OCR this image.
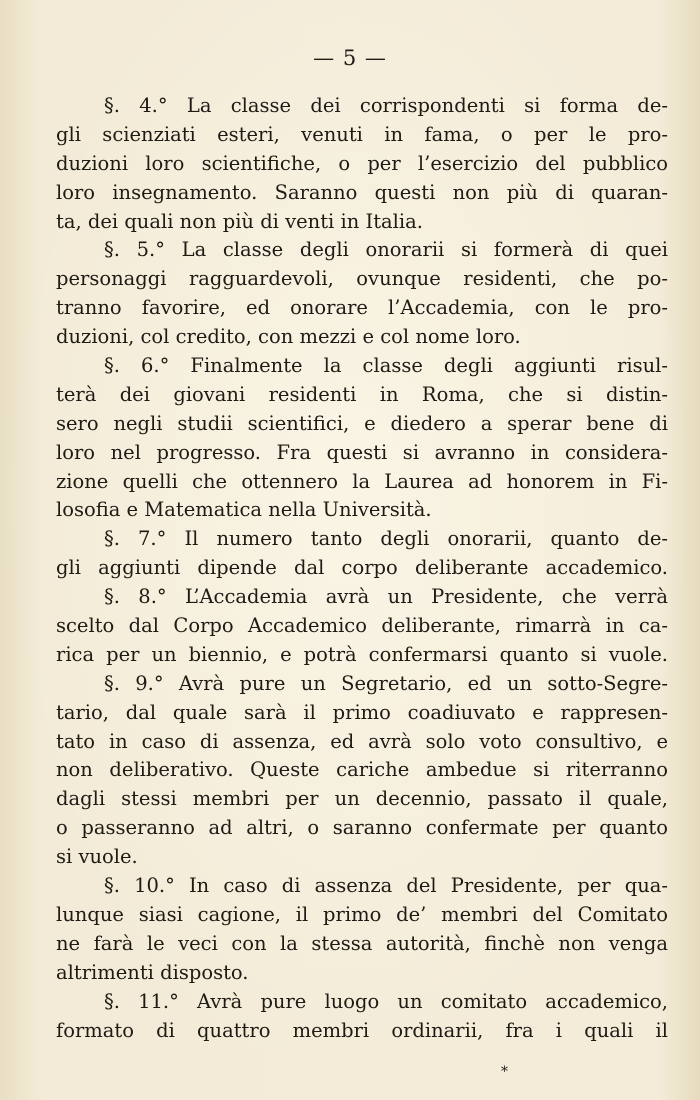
— 5 —
§. 4.° La classe dei corrispondenti si forma de-
gli scienziati esteri, venuti in fama, o per le pro-
duzioni loro scientifiche, o per l’esercizio del pubblico
loro insegnamento. Saranno questi non più di quaran-
ta, dei quali non più di venti in Italia.
§. 5.° La classe degli onorarii si formerà di quei
personaggi ragguardevoli, ovunque residenti, che po-
tranno favorire, ed onorare l’Accademia, con le pro-
duzioni, col credito, con mezzi e col nome loro.
§. 6.° Finalmente la classe degli aggiunti risul-
terà dei giovani residenti in Roma, che si distin-
sero negli studii scientifici, e diedero a sperar bene di
loro nel progresso. Fra questi si avranno in considera-
zione quelli che ottennero la Laurea ad honorem in Fi-
losofia e Matematica nella Università.
§. 7.° Il numero tanto degli onorarii, quanto de-
gli aggiunti dipende dal corpo deliberante accademico.
§. 8.° L’Accademia avrà un Presidente, che verrà
scelto dal Corpo Accademico deliberante, rimarrà in ca-
rica per un biennio, e potrà confermarsi quanto si vuole.
§. 9.° Avrà pure un Segretario, ed un sotto-Segre-
tario, dal quale sarà il primo coadiuvato e rappresen-
tato in caso di assenza, ed avrà solo voto consultivo, e
non deliberativo. Queste cariche ambedue si riterranno
dagli stessi membri per un decennio, passato il quale,
o passeranno ad altri, o saranno confermate per quanto
si vuole.
§. 10.° In caso di assenza del Presidente, per qua-
lunque siasi cagione, il primo de’ membri del Comitato
ne farà le veci con la stessa autorità, finchè non venga
altrimenti disposto.
§. 11.° Avrà pure luogo un comitato accademico,
formato di quattro membri ordinarii, fra i quali il
*
